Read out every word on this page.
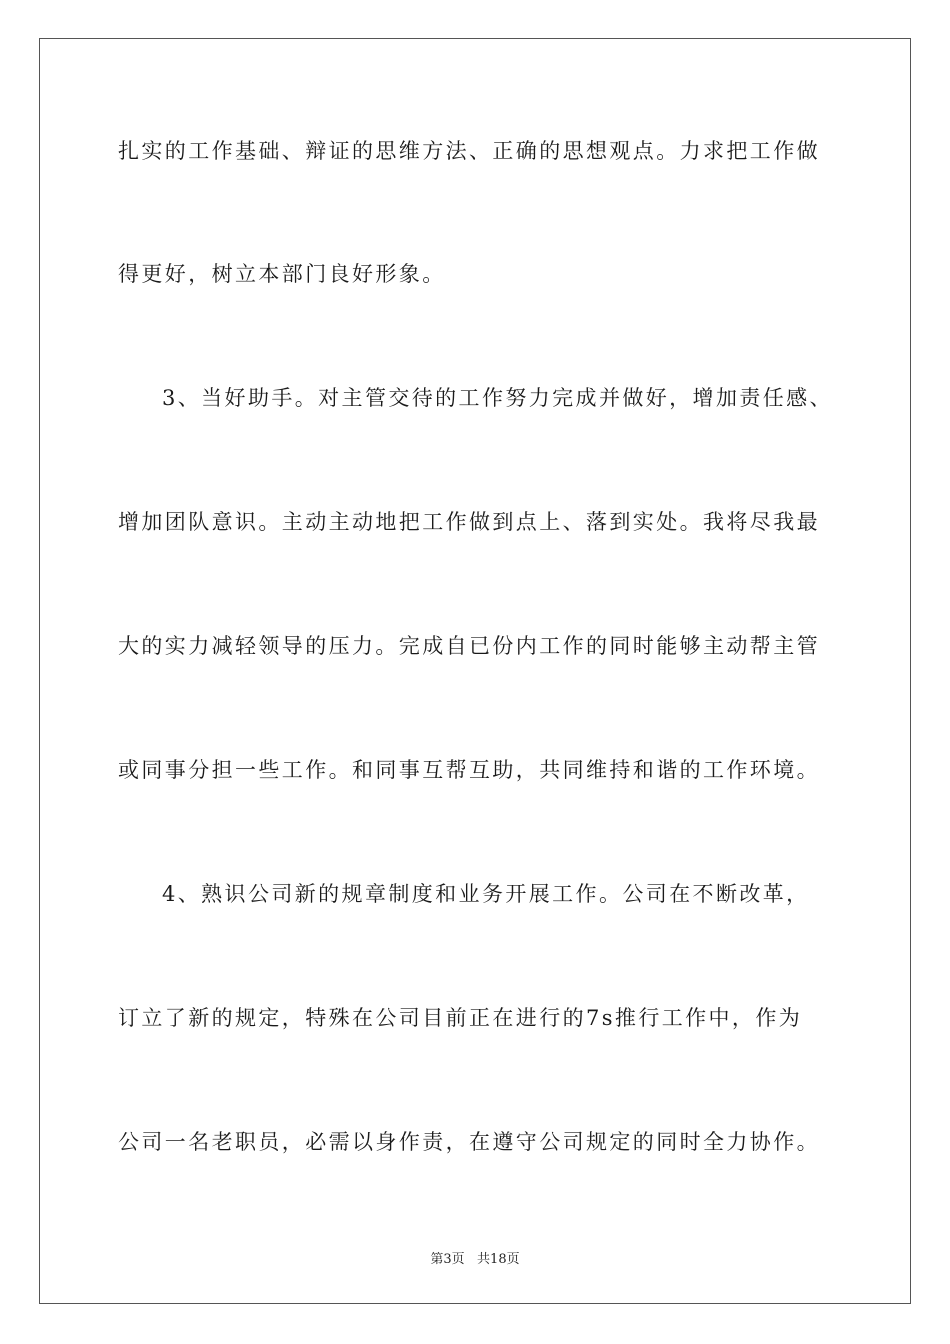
扎实的工作基础、辩证的思维方法、正确的思想观点。力求把工作做
得更好，树立本部门良好形象。
3、当好助手。对主管交待的工作努力完成并做好，增加责任感、
增加团队意识。主动主动地把工作做到点上、落到实处。我将尽我最
大的实力减轻领导的压力。完成自已份内工作的同时能够主动帮主管
或同事分担一些工作。和同事互帮互助，共同维持和谐的工作环境。
4、熟识公司新的规章制度和业务开展工作。公司在不断改革，
订立了新的规定，特殊在公司目前正在进行的7s推行工作中，作为
公司一名老职员，必需以身作责，在遵守公司规定的同时全力协作。
第3页   共18页
